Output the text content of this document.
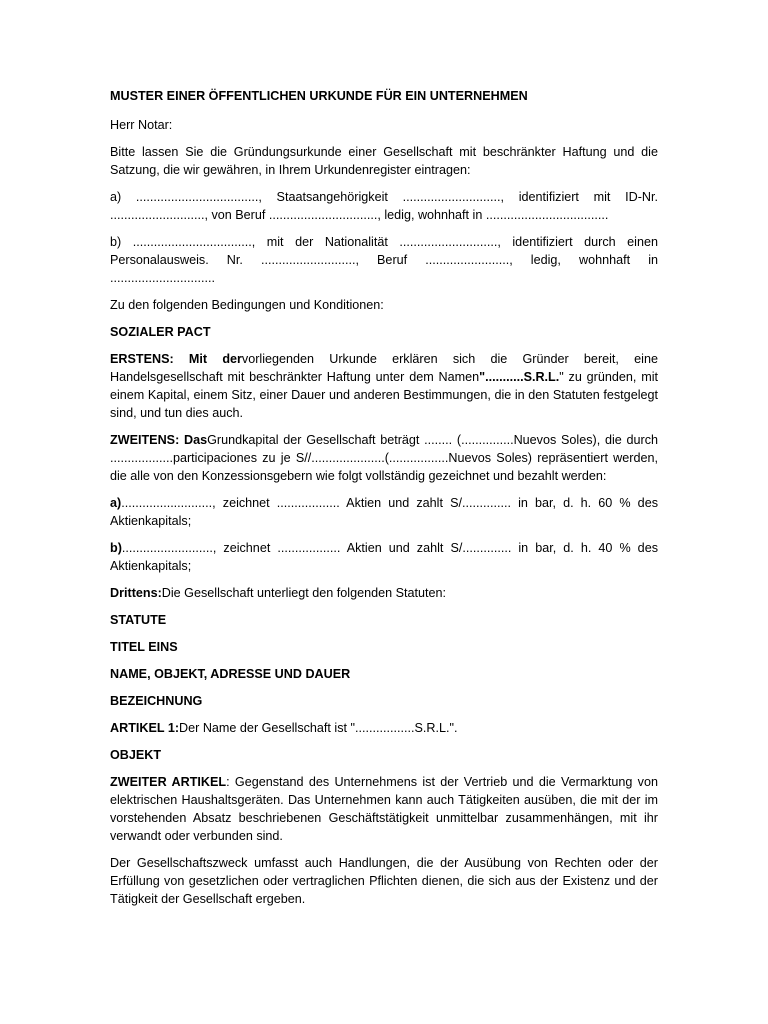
MUSTER EINER ÖFFENTLICHEN URKUNDE FÜR EIN UNTERNEHMEN

Herr Notar:

Bitte lassen Sie die Gründungsurkunde einer Gesellschaft mit beschränkter Haftung und die Satzung, die wir gewähren, in Ihrem Urkundenregister eintragen:

a) ..................................., Staatsangehörigkeit ............................, identifiziert mit ID-Nr. ..........................., von Beruf ..............................., ledig, wohnhaft in ...................................

b) .................................., mit der Nationalität ............................, identifiziert durch einen Personalausweis. Nr. ..........................., Beruf ........................, ledig, wohnhaft in ..............................

Zu den folgenden Bedingungen und Konditionen:

SOZIALER PACT

ERSTENS: Mit dervorliegenden Urkunde erklären sich die Gründer bereit, eine Handelsgesellschaft mit beschränkter Haftung unter dem Namen"...........S.R.L." zu gründen, mit einem Kapital, einem Sitz, einer Dauer und anderen Bestimmungen, die in den Statuten festgelegt sind, und tun dies auch.

ZWEITENS: DasGrundkapital der Gesellschaft beträgt ........ (...............Nuevos Soles), die durch ..................participaciones zu je S//.....................(.................Nuevos Soles) repräsentiert werden, die alle von den Konzessionsgebern wie folgt vollständig gezeichnet und bezahlt werden:

a).........................., zeichnet .................. Aktien und zahlt S/.............. in bar, d. h. 60 % des Aktienkapitals;

b).........................., zeichnet .................. Aktien und zahlt S/.............. in bar, d. h. 40 % des Aktienkapitals;

Drittens:Die Gesellschaft unterliegt den folgenden Statuten:

STATUTE

TITEL EINS

NAME, OBJEKT, ADRESSE UND DAUER

BEZEICHNUNG

ARTIKEL 1:Der Name der Gesellschaft ist ".................S.R.L.".

OBJEKT

ZWEITER ARTIKEL: Gegenstand des Unternehmens ist der Vertrieb und die Vermarktung von elektrischen Haushaltsgeräten. Das Unternehmen kann auch Tätigkeiten ausüben, die mit der im vorstehenden Absatz beschriebenen Geschäftstätigkeit unmittelbar zusammenhängen, mit ihr verwandt oder verbunden sind.

Der Gesellschaftszweck umfasst auch Handlungen, die der Ausübung von Rechten oder der Erfüllung von gesetzlichen oder vertraglichen Pflichten dienen, die sich aus der Existenz und der Tätigkeit der Gesellschaft ergeben.
